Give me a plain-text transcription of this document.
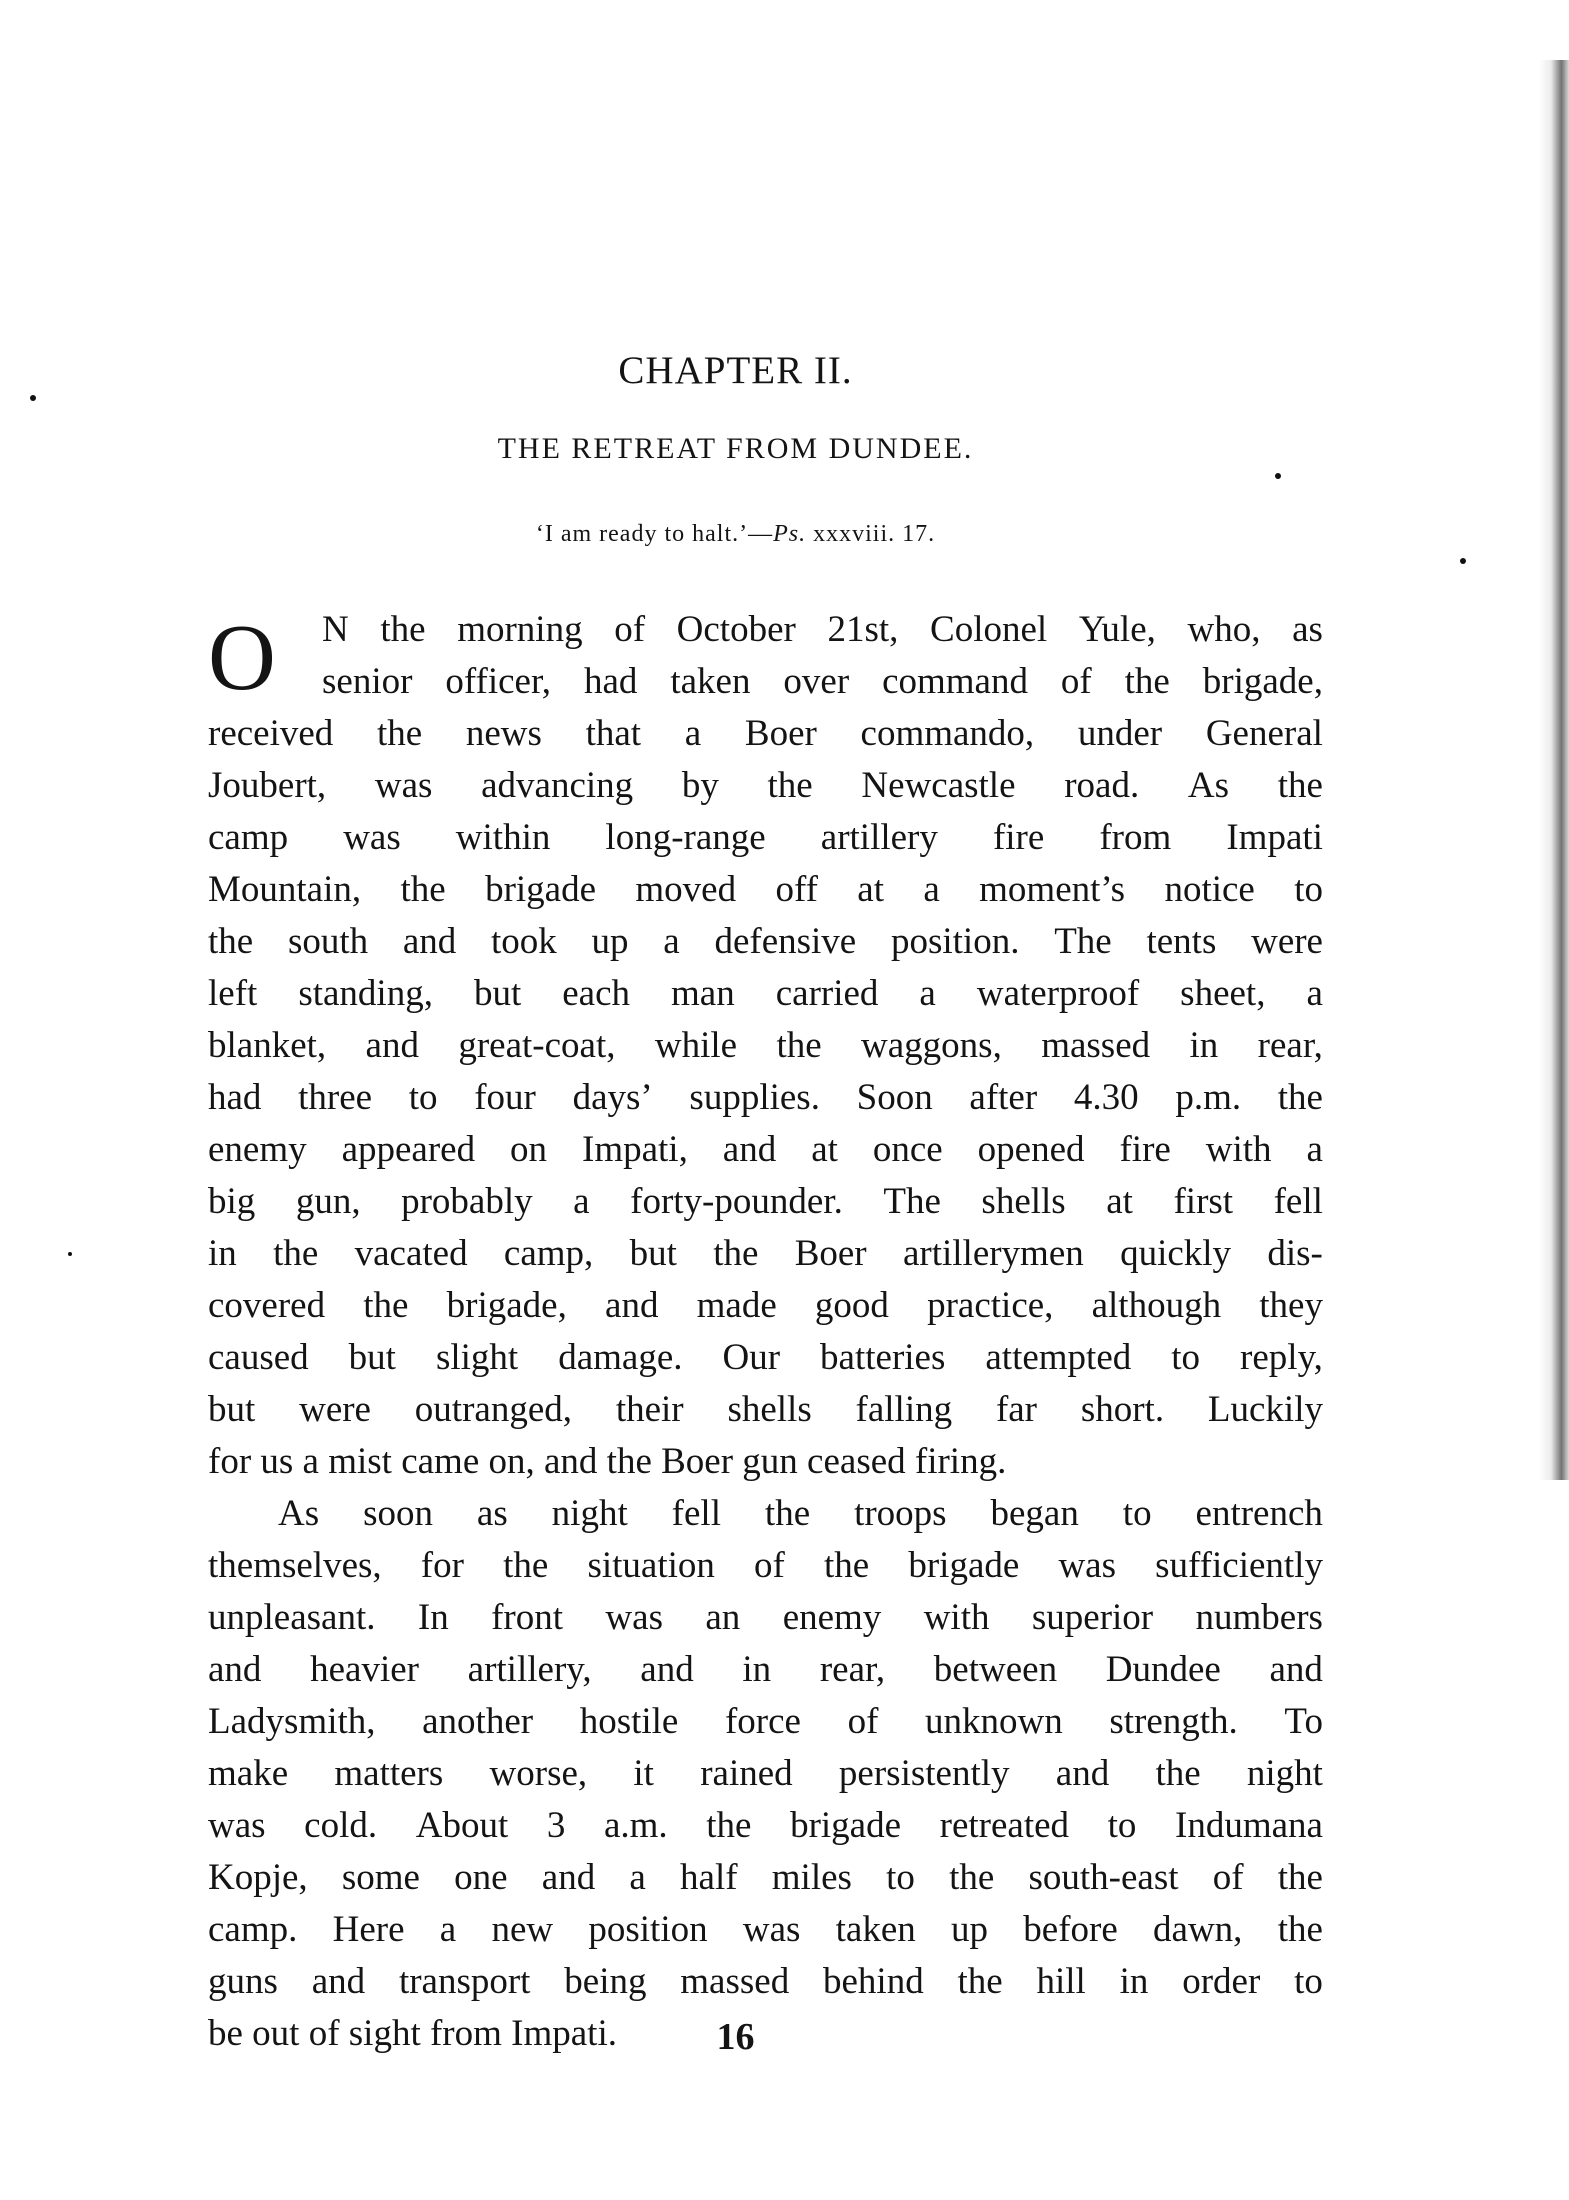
CHAPTER II.
THE RETREAT FROM DUNDEE.
‘I am ready to halt.’—Ps. xxxviii. 17.
O N the morning of October 21st, Colonel Yule, who, as
senior officer, had taken over command of the brigade,
received the news that a Boer commando, under General
Joubert, was advancing by the Newcastle road. As the
camp was within long-range artillery fire from Impati
Mountain, the brigade moved off at a moment’s notice to
the south and took up a defensive position. The tents were
left standing, but each man carried a waterproof sheet, a
blanket, and great-coat, while the waggons, massed in rear,
had three to four days’ supplies. Soon after 4.30 p.m. the
enemy appeared on Impati, and at once opened fire with a
big gun, probably a forty-pounder. The shells at first fell
in the vacated camp, but the Boer artillerymen quickly dis-
covered the brigade, and made good practice, although they
caused but slight damage. Our batteries attempted to reply,
but were outranged, their shells falling far short. Luckily
for us a mist came on, and the Boer gun ceased firing.
As soon as night fell the troops began to entrench
themselves, for the situation of the brigade was sufficiently
unpleasant. In front was an enemy with superior numbers
and heavier artillery, and in rear, between Dundee and
Ladysmith, another hostile force of unknown strength. To
make matters worse, it rained persistently and the night
was cold. About 3 a.m. the brigade retreated to Indumana
Kopje, some one and a half miles to the south-east of the
camp. Here a new position was taken up before dawn, the
guns and transport being massed behind the hill in order to
be out of sight from Impati.	16
